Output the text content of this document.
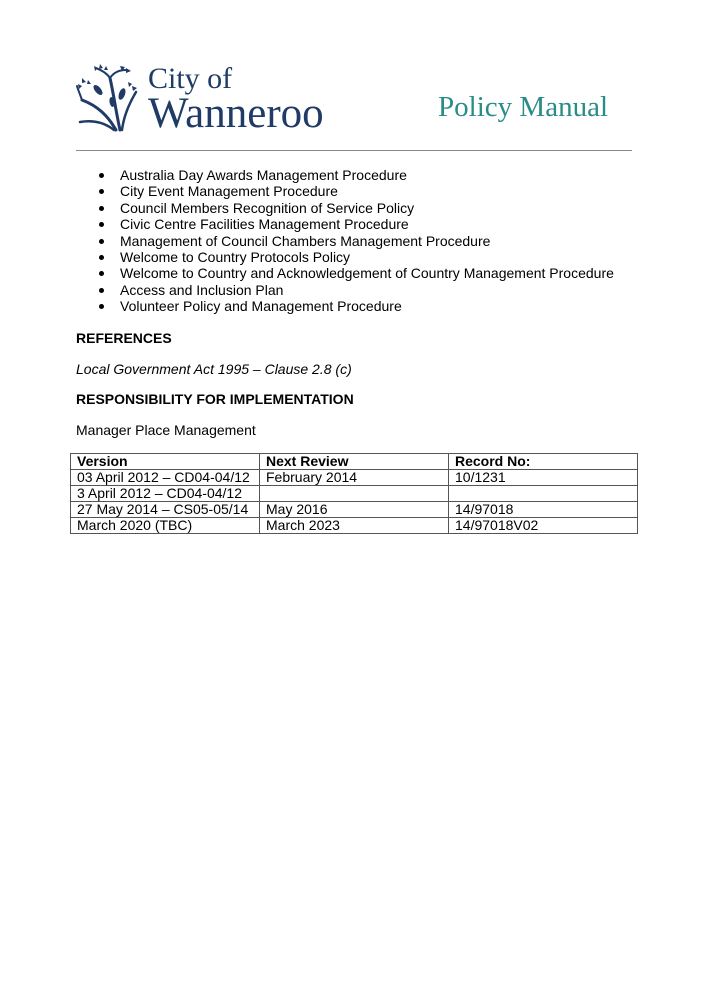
City of
Wanneroo	Policy Manual
Australia Day Awards Management Procedure
City Event Management Procedure
Council Members Recognition of Service Policy
Civic Centre Facilities Management Procedure
Management of Council Chambers Management Procedure
Welcome to Country Protocols Policy
Welcome to Country and Acknowledgement of Country Management Procedure
Access and Inclusion Plan
Volunteer Policy and Management Procedure
REFERENCES
Local Government Act 1995 – Clause 2.8 (c)
RESPONSIBILITY FOR IMPLEMENTATION
Manager Place Management
Version	Next Review	Record No:
03 April 2012 – CD04-04/12	February 2014	10/1231
3 April 2012 – CD04-04/12		
27 May 2014 – CS05-05/14	May 2016	14/97018
March 2020 (TBC)	March 2023	14/97018V02
